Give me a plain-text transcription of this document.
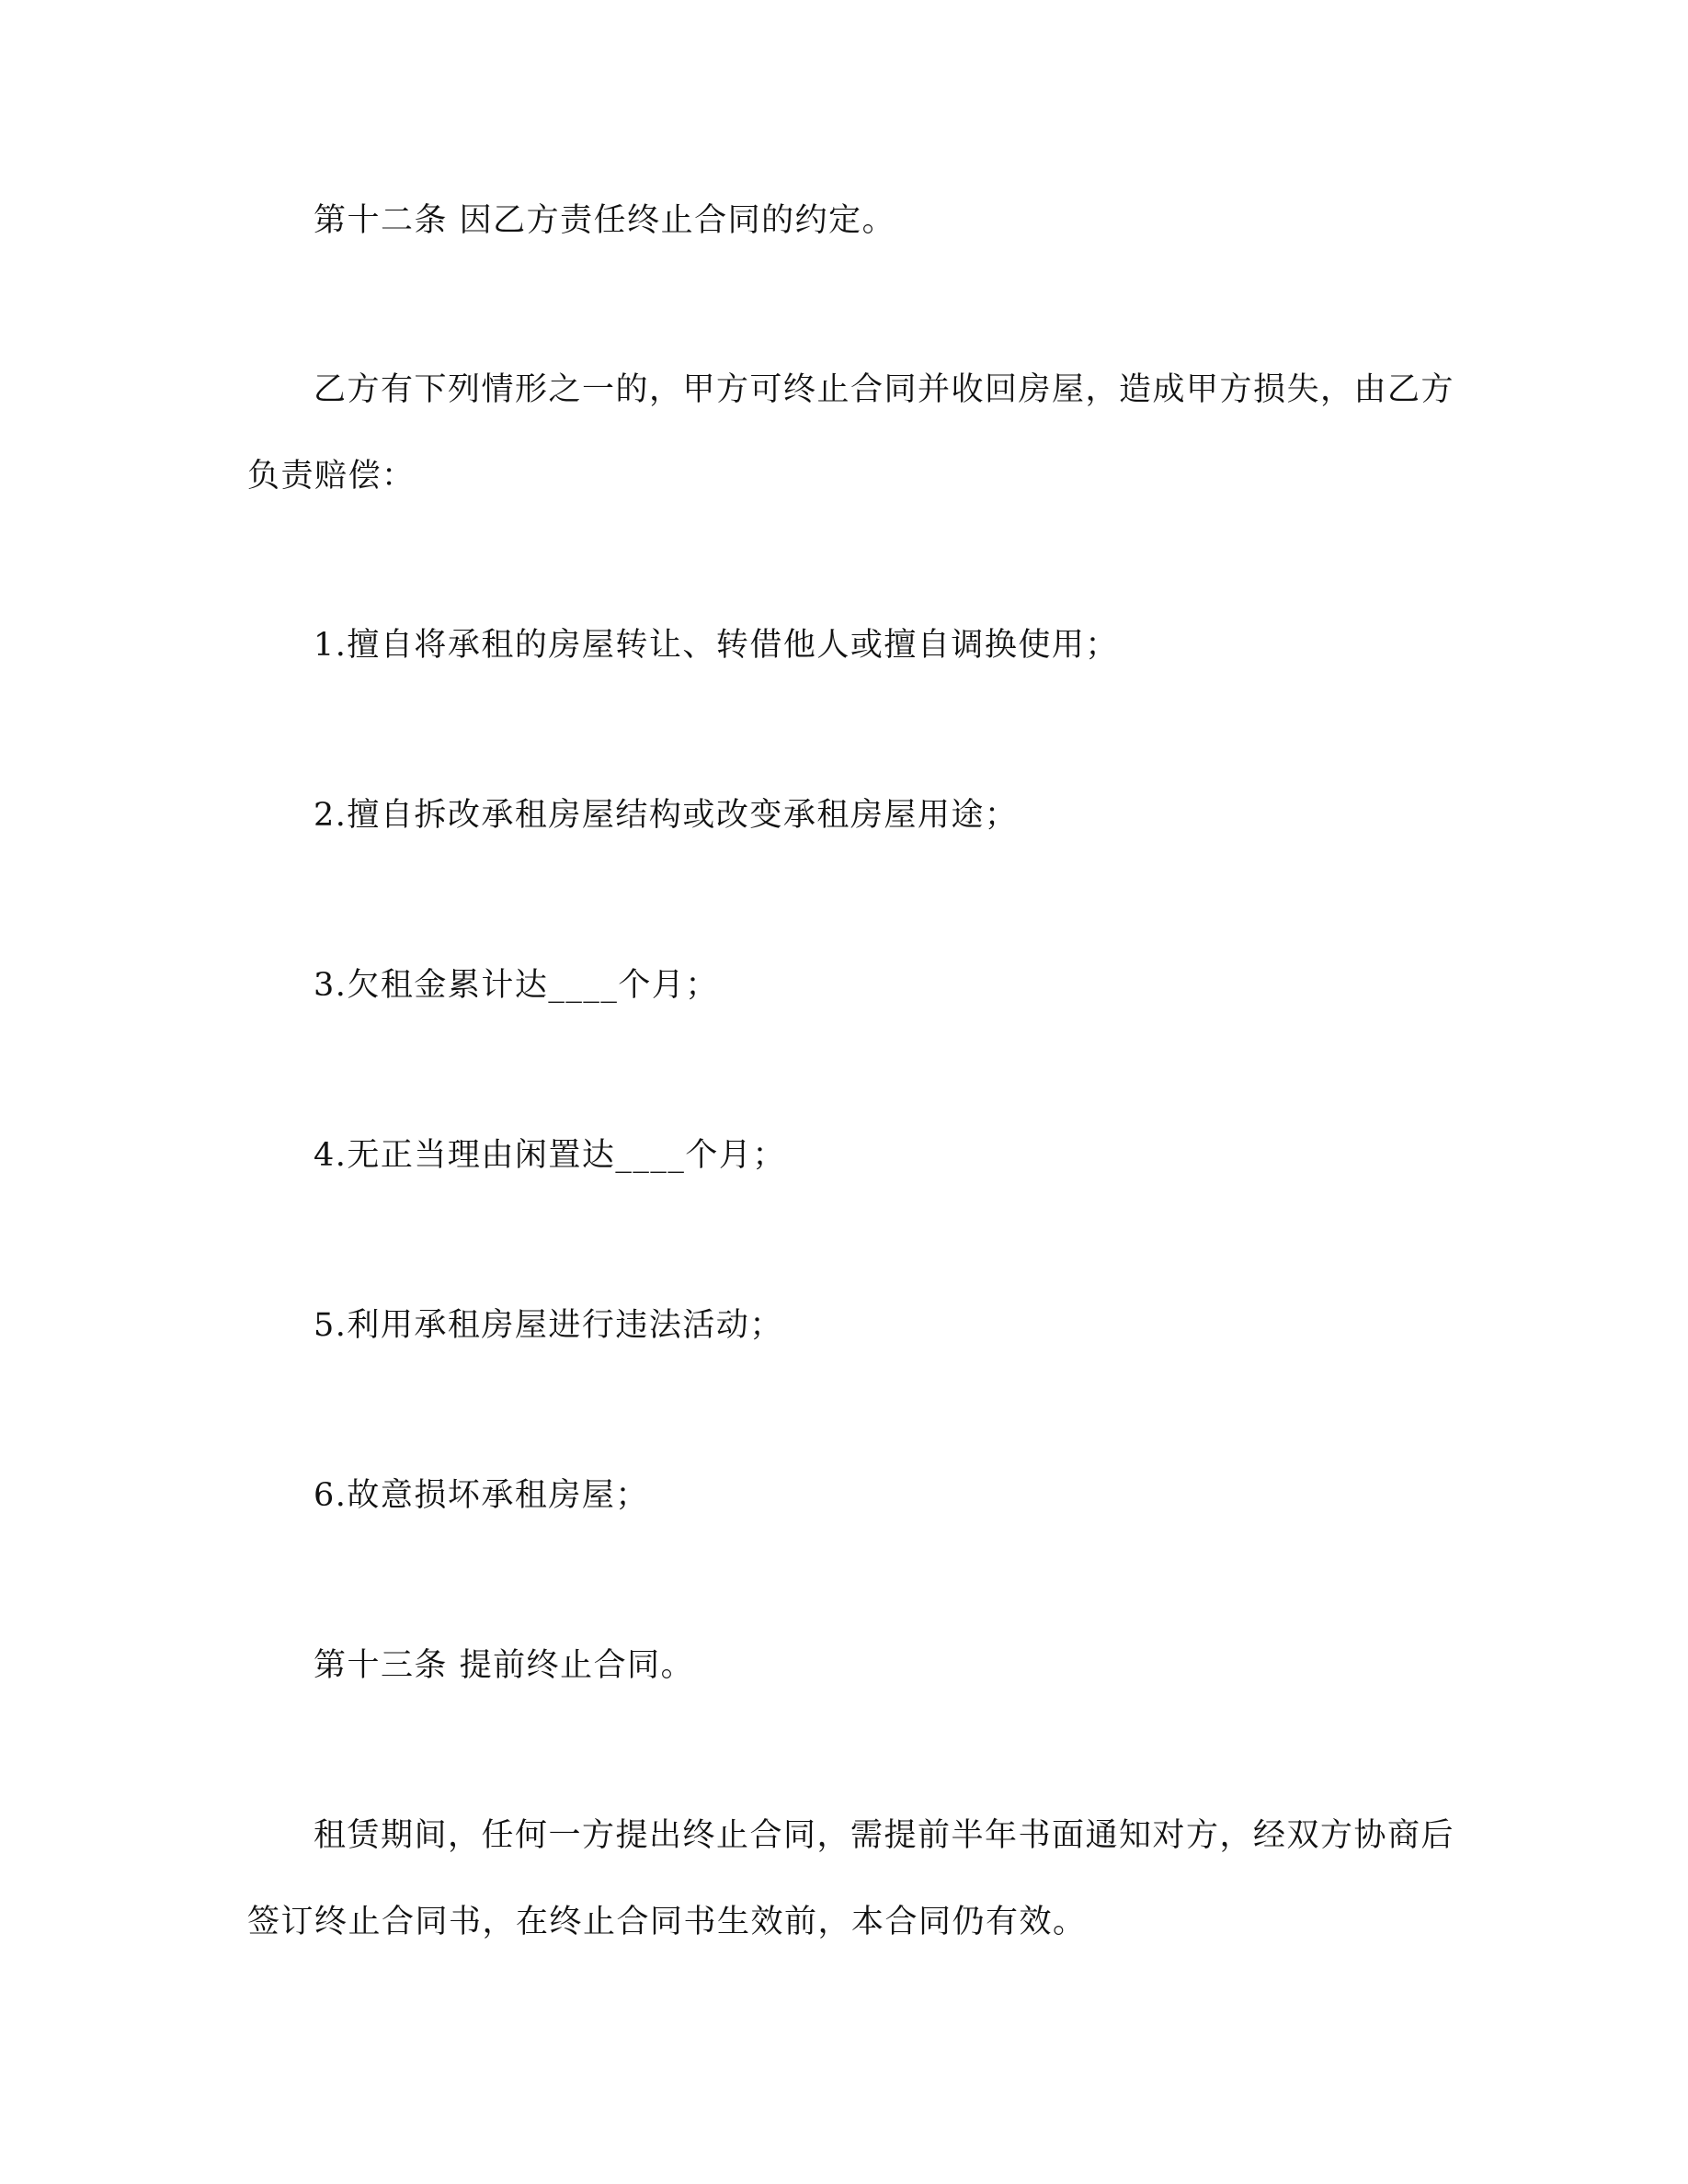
第十二条 因乙方责任终止合同的约定。

乙方有下列情形之一的，甲方可终止合同并收回房屋，造成甲方损失，由乙方

负责赔偿：

1.擅自将承租的房屋转让、转借他人或擅自调换使用；

2.擅自拆改承租房屋结构或改变承租房屋用途；

3.欠租金累计达____个月；

4.无正当理由闲置达____个月；

5.利用承租房屋进行违法活动；

6.故意损坏承租房屋；

第十三条 提前终止合同。

租赁期间，任何一方提出终止合同，需提前半年书面通知对方，经双方协商后

签订终止合同书，在终止合同书生效前，本合同仍有效。
